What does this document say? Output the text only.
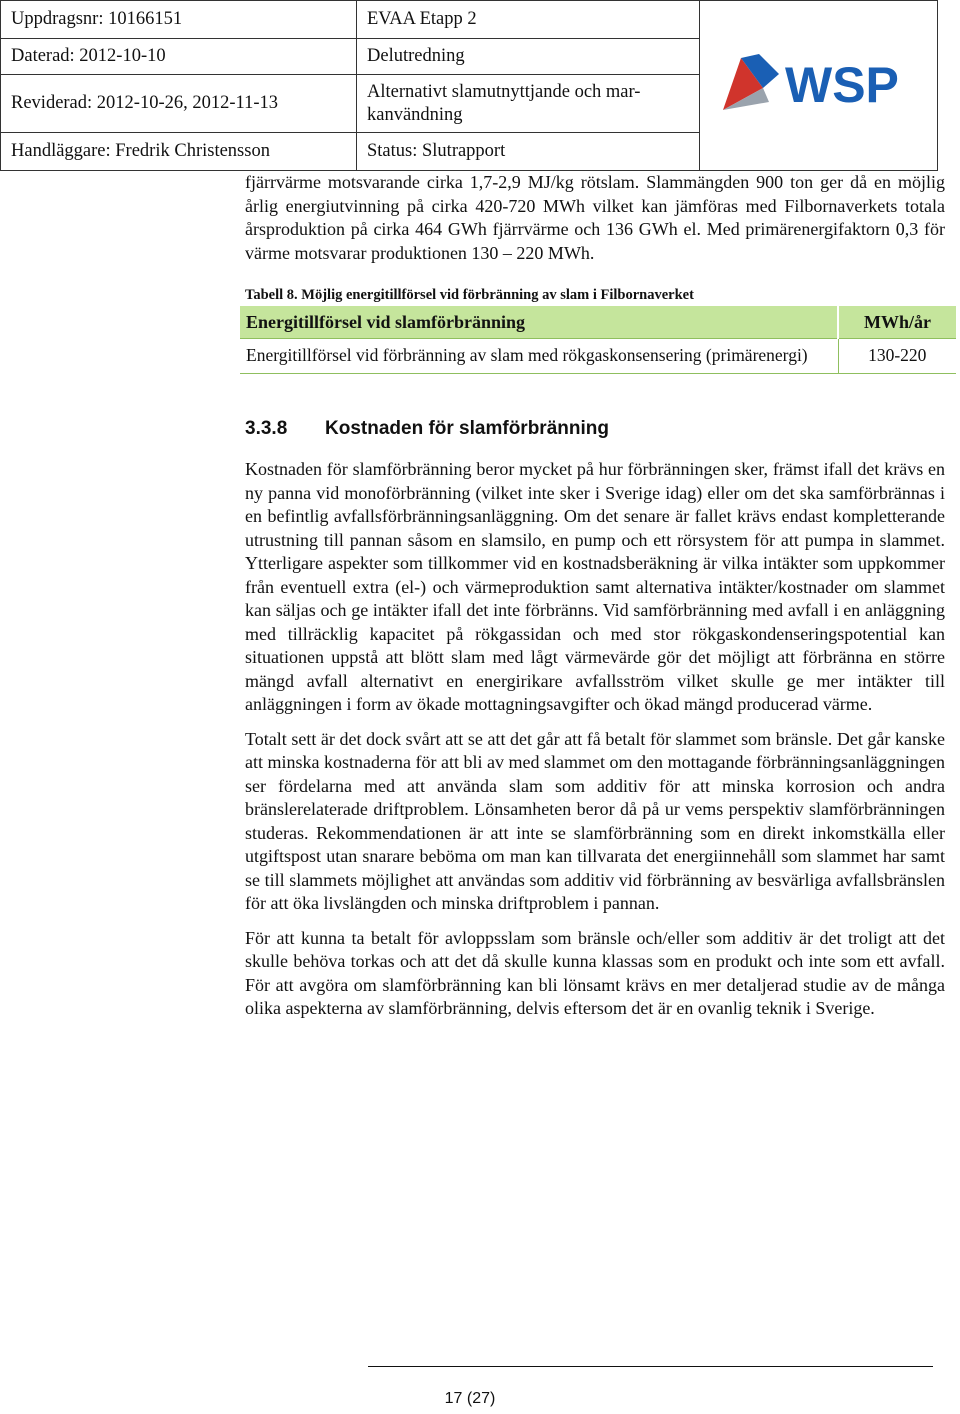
Uppdragsnr: 10166151	EVAA Etapp 2	WSP

Daterad: 2012-10-10	Delutredning	
Reviderad: 2012-10-26, 2012-11-13	Alternativt slamutnyttjande och mar-
kanvändning	

Handläggare: Fredrik Christensson	Status: Slutrapport	

fjärrvärme motsvarande cirka 1,7-2,9 MJ/kg rötslam. Slammängden 900 ton ger då en möjlig årlig energiutvinning på cirka 420-720 MWh vilket kan jämföras med Filbornaverkets totala årsproduktion på cirka 464 GWh fjärrvärme och 136 GWh el. Med primärenergifaktorn 0,3 för värme motsvarar produktionen 130 – 220 MWh.

Tabell 8. Möjlig energitillförsel vid förbränning av slam i Filbornaverket
Energitillförsel vid slamförbränning	MWh/år
Energitillförsel vid förbränning av slam med rökgaskonsensering (primärenergi)	130-220
3.3.8 Kostnaden för slamförbränning

Kostnaden för slamförbränning beror mycket på hur förbränningen sker, främst ifall det krävs en ny panna vid monoförbränning (vilket inte sker i Sverige idag) eller om det ska samförbrännas i en befintlig avfallsförbränningsanläggning. Om det senare är fallet krävs endast kompletterande utrustning till pannan såsom en slamsilo, en pump och ett rörsystem för att pumpa in slammet. Ytterligare aspekter som tillkommer vid en kostnadsberäkning är vilka intäkter som uppkommer från eventuell extra (el-) och värmeproduktion samt alternativa intäkter/kostnader om slammet kan säljas och ge intäkter ifall det inte förbränns. Vid samförbränning med avfall i en anläggning med tillräcklig kapacitet på rökgassidan och med stor rökgaskondenseringspotential kan situationen uppstå att blött slam med lågt värmevärde gör det möjligt att förbränna en större mängd avfall alternativt en energirikare avfallsström vilket skulle ge mer intäkter till anläggningen i form av ökade mottagningsavgifter och ökad mängd producerad värme.

Totalt sett är det dock svårt att se att det går att få betalt för slammet som bränsle. Det går kanske att minska kostnaderna för att bli av med slammet om den mottagande förbränningsanläggningen ser fördelarna med att använda slam som additiv för att minska korrosion och andra bränslerelaterade driftproblem. Lönsamheten beror då på ur vems perspektiv slamförbränningen studeras. Rekommendationen är att inte se slamförbränning som en direkt inkomstkälla eller utgiftspost utan snarare beböma om man kan tillvarata det energiinnehåll som slammet har samt se till slammets möjlighet att användas som additiv vid förbränning av besvärliga avfallsbränslen för att öka livslängden och minska driftproblem i pannan.

För att kunna ta betalt för avloppsslam som bränsle och/eller som additiv är det troligt att det skulle behöva torkas och att det då skulle kunna klassas som en produkt och inte som ett avfall. För att avgöra om slamförbränning kan bli lönsamt krävs en mer detaljerad studie av de många olika aspekterna av slamförbränning, delvis eftersom det är en ovanlig teknik i Sverige.

17 (27)
